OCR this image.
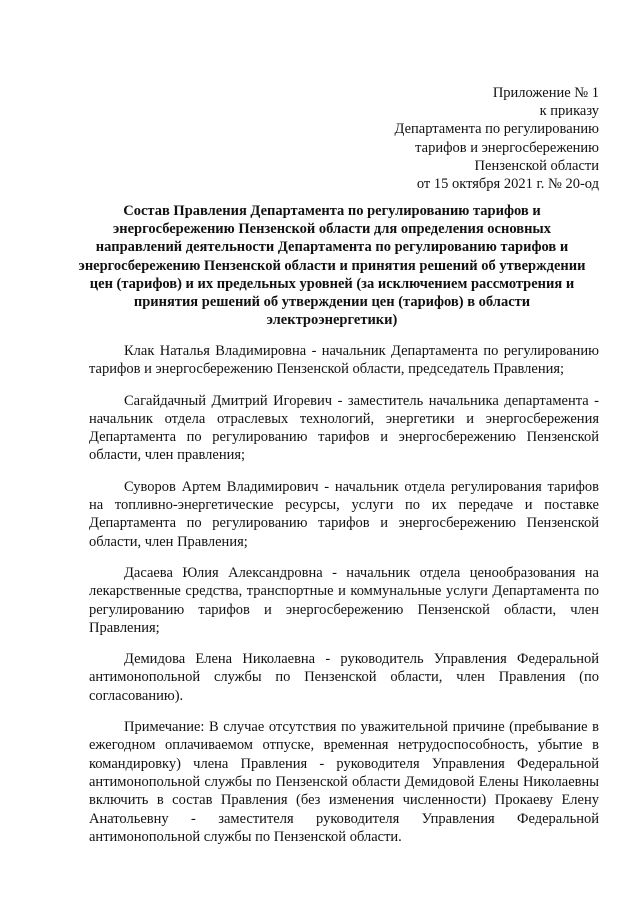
Приложение № 1
к приказу
Департамента по регулированию
тарифов и энергосбережению
Пензенской области
от 15 октября 2021 г. № 20-од
Состав Правления Департамента по регулированию тарифов и энергосбережению Пензенской области для определения основных направлений деятельности Департамента по регулированию тарифов и энергосбережению Пензенской области и принятия решений об утверждении цен (тарифов) и их предельных уровней (за исключением рассмотрения и принятия решений об утверждении цен (тарифов) в области электроэнергетики)

Клак Наталья Владимировна - начальник Департамента по регулированию тарифов и энергосбережению Пензенской области, председатель Правления;

Сагайдачный Дмитрий Игоревич - заместитель начальника департамента - начальник отдела отраслевых технологий, энергетики и энергосбережения Департамента по регулированию тарифов и энергосбережению Пензенской области, член правления;

Суворов Артем Владимирович - начальник отдела регулирования тарифов на топливно-энергетические ресурсы, услуги по их передаче и поставке Департамента по регулированию тарифов и энергосбережению Пензенской области, член Правления;

Дасаева Юлия Александровна - начальник отдела ценообразования на лекарственные средства, транспортные и коммунальные услуги Департамента по регулированию тарифов и энергосбережению Пензенской области, член Правления;

Демидова Елена Николаевна - руководитель Управления Федеральной антимонопольной службы по Пензенской области, член Правления (по согласованию).

Примечание: В случае отсутствия по уважительной причине (пребывание в ежегодном оплачиваемом отпуске, временная нетрудоспособность, убытие в командировку) члена Правления - руководителя Управления Федеральной антимонопольной службы по Пензенской области Демидовой Елены Николаевны включить в состав Правления (без изменения численности) Прокаеву Елену Анатольевну - заместителя руководителя Управления Федеральной антимонопольной службы по Пензенской области.
